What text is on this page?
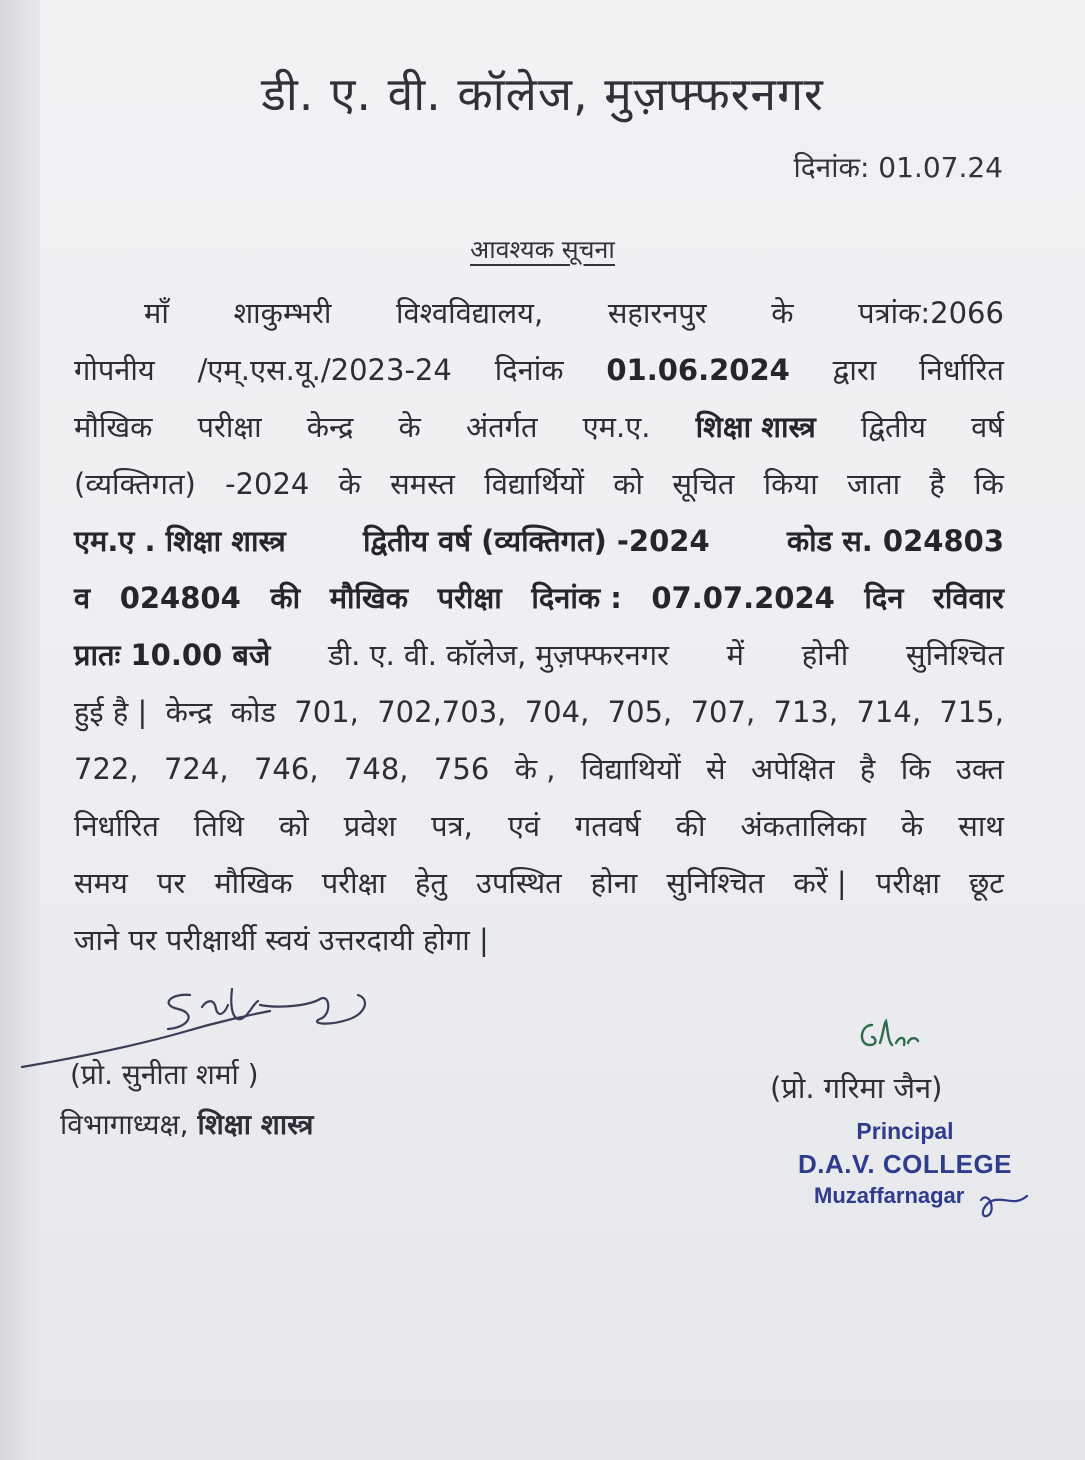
डी. ए. वी. कॉलेज, मुज़फ्फरनगर
दिनांक: 01.07.24
आवश्यक सूचना
माँ शाकुम्भरी विश्वविद्यालय, सहारनपुर के पत्रांक:2066
गोपनीय /एम्.एस.यू./2023-24 दिनांक 01.06.2024 द्वारा निर्धारित
मौखिक परीक्षा केन्द्र के अंतर्गत एम.ए. शिक्षा शास्त्र द्वितीय वर्ष
(व्यक्तिगत) -2024 के समस्त विद्यार्थियों को सूचित किया जाता है कि
एम.ए . शिक्षा शास्त्र	द्वितीय वर्ष (व्यक्तिगत) -2024	कोड स. 024803
व 024804 की मौखिक परीक्षा दिनांक : 07.07.2024 दिन रविवार
प्रातः 10.00 बजे डी. ए. वी. कॉलेज, मुज़फ्फरनगर में होनी सुनिश्चित
हुई है | केन्द्र कोड 701, 702,703, 704, 705, 707, 713, 714, 715,
722, 724, 746, 748, 756 के , विद्याथियों से अपेक्षित है कि उक्त
निर्धारित तिथि को प्रवेश पत्र, एवं गतवर्ष की अंकतालिका के साथ
समय पर मौखिक परीक्षा हेतु उपस्थित होना सुनिश्चित करें | परीक्षा छूट
जाने पर परीक्षार्थी स्वयं उत्तरदायी होगा |
(प्रो. सुनीता शर्मा )
विभागाध्यक्ष, शिक्षा शास्त्र
(प्रो. गरिमा जैन)
Principal
D.A.V. COLLEGE
Muzaffarnagar
